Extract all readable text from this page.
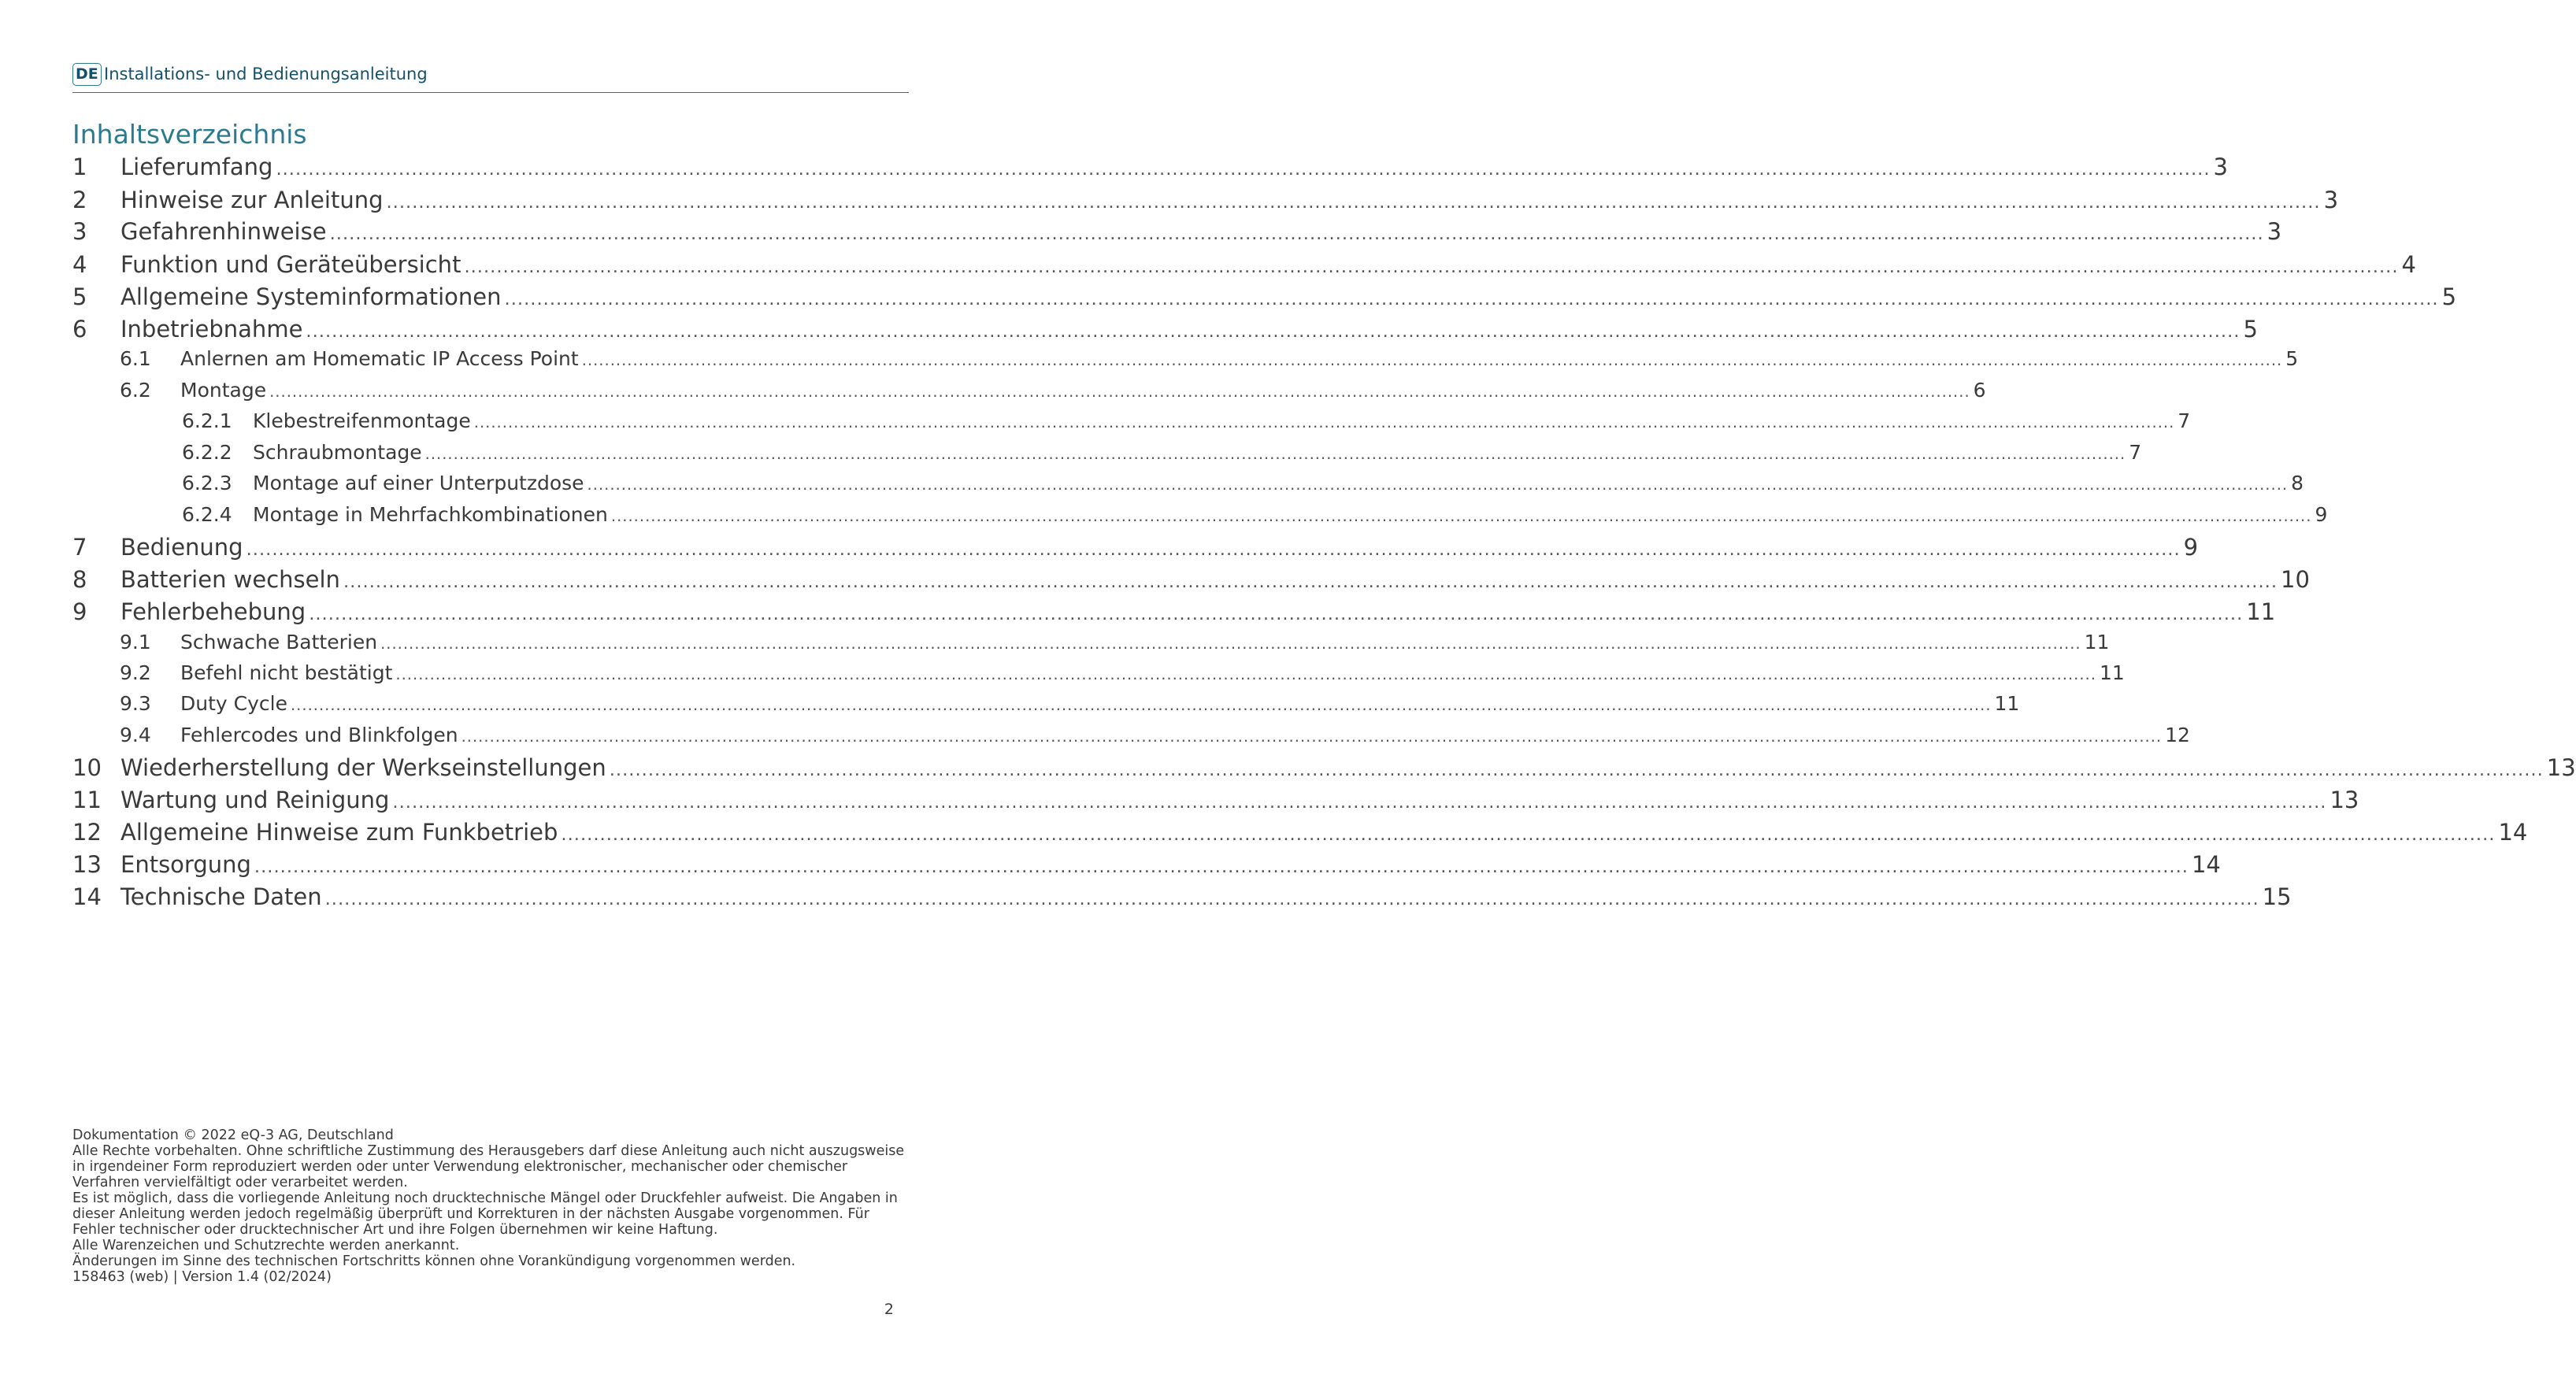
DE Installations- und Bedienungsanleitung
Inhaltsverzeichnis
1	Lieferumfang ............................................................................................................................................................................................................................................................................................................ 3
2	Hinweise zur Anleitung ............................................................................................................................................................................................................................................................................................................ 3
3	Gefahrenhinweise ............................................................................................................................................................................................................................................................................................................ 3
4	Funktion und Geräteübersicht ............................................................................................................................................................................................................................................................................................................ 4
5	Allgemeine Systeminformationen ............................................................................................................................................................................................................................................................................................................ 5
6	Inbetriebnahme ............................................................................................................................................................................................................................................................................................................ 5
6.1	Anlernen am Homematic IP Access Point ............................................................................................................................................................................................................................................................................................................ 5
6.2	Montage ............................................................................................................................................................................................................................................................................................................ 6
6.2.1	Klebestreifenmontage ............................................................................................................................................................................................................................................................................................................ 7
6.2.2	Schraubmontage ............................................................................................................................................................................................................................................................................................................ 7
6.2.3	Montage auf einer Unterputzdose ............................................................................................................................................................................................................................................................................................................ 8
6.2.4	Montage in Mehrfachkombinationen ............................................................................................................................................................................................................................................................................................................ 9
7	Bedienung ............................................................................................................................................................................................................................................................................................................ 9
8	Batterien wechseln ............................................................................................................................................................................................................................................................................................................ 10
9	Fehlerbehebung ............................................................................................................................................................................................................................................................................................................ 11
9.1	Schwache Batterien ............................................................................................................................................................................................................................................................................................................ 11
9.2	Befehl nicht bestätigt ............................................................................................................................................................................................................................................................................................................ 11
9.3	Duty Cycle ............................................................................................................................................................................................................................................................................................................ 11
9.4	Fehlercodes und Blinkfolgen ............................................................................................................................................................................................................................................................................................................ 12
10 Wiederherstellung der Werkseinstellungen ............................................................................................................................................................................................................................................................................................................ 13
11 Wartung und Reinigung ............................................................................................................................................................................................................................................................................................................ 13
12 Allgemeine Hinweise zum Funkbetrieb ............................................................................................................................................................................................................................................................................................................ 14
13 Entsorgung ............................................................................................................................................................................................................................................................................................................ 14
14 Technische Daten ............................................................................................................................................................................................................................................................................................................ 15

Dokumentation © 2022 eQ-3 AG, Deutschland

Alle Rechte vorbehalten. Ohne schriftliche Zustimmung des Herausgebers darf diese Anleitung auch nicht auszugsweise in irgendeiner Form reproduziert werden oder unter Verwendung elektronischer, mechanischer oder chemischer Verfahren vervielfältigt oder verarbeitet werden.

Es ist möglich, dass die vorliegende Anleitung noch drucktechnische Mängel oder Druckfehler aufweist. Die Angaben in dieser Anleitung werden jedoch regelmäßig überprüft und Korrekturen in der nächsten Ausgabe vorgenommen. Für Fehler technischer oder drucktechnischer Art und ihre Folgen übernehmen wir keine Haftung.

Alle Warenzeichen und Schutzrechte werden anerkannt.

Änderungen im Sinne des technischen Fortschritts können ohne Vorankündigung vorgenommen werden.

158463 (web) | Version 1.4 (02/2024)

2
